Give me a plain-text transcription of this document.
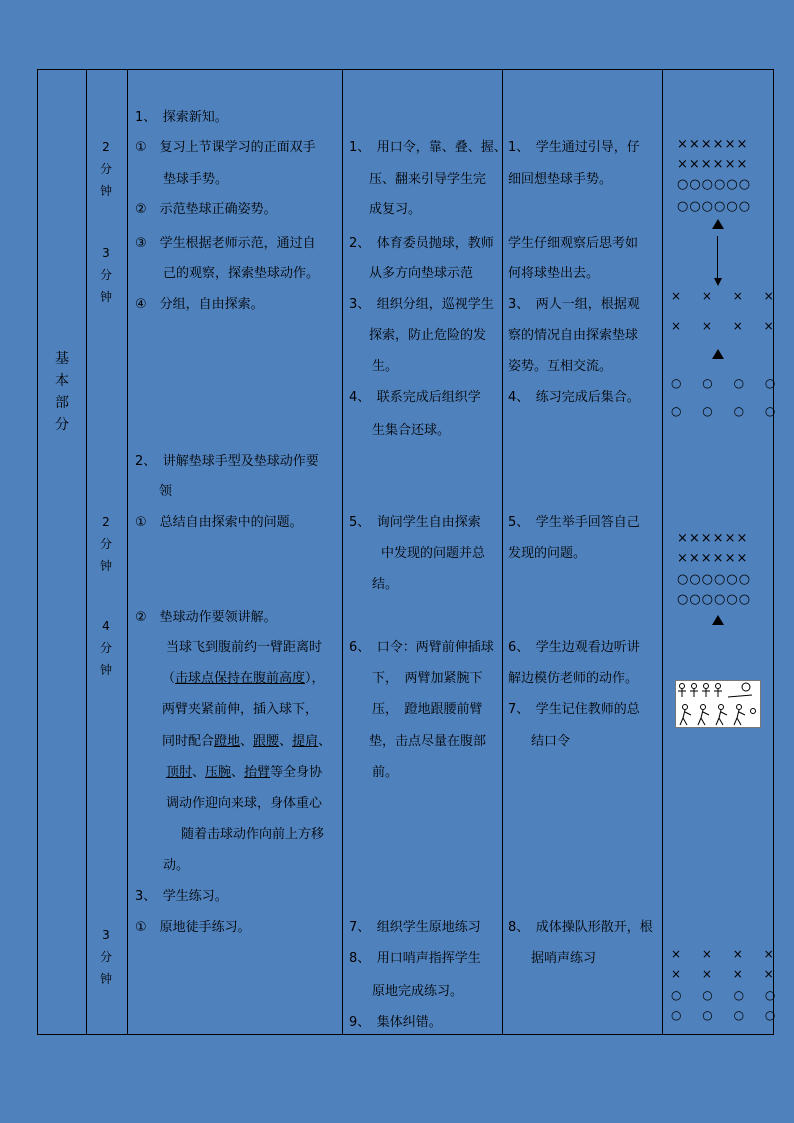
基
本
部
分
2
分
钟
3
分
钟
2
分
钟
4
分
钟
3
分
钟
1、　探索新知。
①　复习上节课学习的正面双手
垫球手势。
②　示范垫球正确姿势。
③　学生根据老师示范，通过自
己的观察，探索垫球动作。
④　分组，自由探索。
2、　讲解垫球手型及垫球动作要
领
①　总结自由探索中的问题。
②　垫球动作要领讲解。
当球飞到腹前约一臂距离时
（击球点保持在腹前高度），
两臂夹紧前伸，插入球下，
同时配合蹬地、跟腰、提肩、
顶肘、压腕、抬臂等全身协
调动作迎向来球，身体重心
随着击球动作向前上方移
动。
3、　学生练习。
①　原地徒手练习。
1、　用口令，靠、叠、握、
压、翻来引导学生完
成复习。
2、　体育委员抛球，教师
从多方向垫球示范
3、　组织分组，巡视学生
探索，防止危险的发
生。
4、　联系完成后组织学
生集合还球。
5、　询问学生自由探索
中发现的问题并总
结。
6、　口令：两臂前伸插球
下，　两臂加紧腕下
压，　蹬地跟腰前臂
垫，击点尽量在腹部
前。
7、　组织学生原地练习
8、　用口哨声指挥学生
原地完成练习。
9、　集体纠错。
1、　学生通过引导，仔
细回想垫球手势。
学生仔细观察后思考如
何将球垫出去。
3、　两人一组，根据观
察的情况自由探索垫球
姿势。互相交流。
4、　练习完成后集合。
5、　学生举手回答自己
发现的问题。
6、　学生边观看边听讲
解边模仿老师的动作。
7、　学生记住教师的总
结口令
8、　成体操队形散开，根
据哨声练习
××××××
××××××
○○○○○○
○○○○○○
× × × ×
× × × ×
○ ○ ○ ○
○ ○ ○ ○
××××××
××××××
○○○○○○
○○○○○○
× × × ×
× × × ×
○ ○ ○ ○
○ ○ ○ ○
